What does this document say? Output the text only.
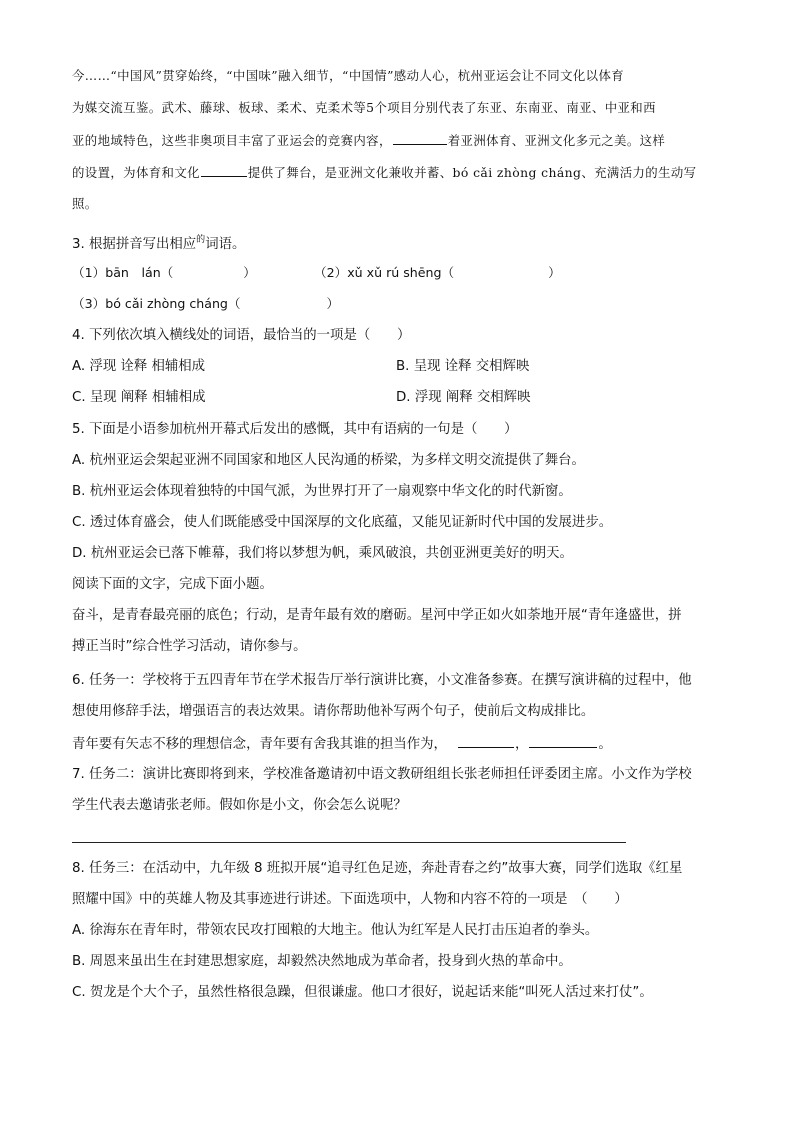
今……“中国风”贯穿始终，“中国味”融入细节，“中国情”感动人心，杭州亚运会让不同文化以体育
为媒交流互鉴。武术、藤球、板球、柔术、克柔术等5个项目分别代表了东亚、东南亚、南亚、中亚和西
亚的地域特色，这些非奥项目丰富了亚运会的竞赛内容，	着亚洲体育、亚洲文化多元之美。这样
的设置，为体育和文化	提供了舞台，是亚洲文化兼收并蓄、bó cǎi zhòng cháng、充满活力的生动写
照。
3. 根据拼音写出相应$^的$词语。
（1）bān　lán（	）	（2）xǔ xǔ rú shēng（	）
（3）bó cǎi zhòng cháng（	）
4. 下列依次填入横线处的词语，最恰当的一项是（　　）
A. 浮现 诠释 相辅相成	B. 呈现 诠释 交相辉映
C. 呈现 阐释 相辅相成	D. 浮现 阐释 交相辉映
5. 下面是小语参加杭州开幕式后发出的感慨，其中有语病的一句是（　　）
A. 杭州亚运会架起亚洲不同国家和地区人民沟通的桥梁，为多样文明交流提供了舞台。
B. 杭州亚运会体现着独特的中国气派，为世界打开了一扇观察中华文化的时代新窗。
C. 透过体育盛会，使人们既能感受中国深厚的文化底蕴，又能见证新时代中国的发展进步。
D. 杭州亚运会已落下帷幕，我们将以梦想为帆，乘风破浪，共创亚洲更美好的明天。
阅读下面的文字，完成下面小题。
奋斗，是青春最亮丽的底色；行动，是青年最有效的磨砺。星河中学正如火如荼地开展“青年逢盛世，拼
搏正当时”综合性学习活动，请你参与。
6. 任务一：学校将于五四青年节在学术报告厅举行演讲比赛，小文准备参赛。在撰写演讲稿的过程中，他
想使用修辞手法，增强语言的表达效果。请你帮助他补写两个句子，使前后文构成排比。
青年要有矢志不移的理想信念，青年要有舍我其谁的担当作为，	，	。
7. 任务二：演讲比赛即将到来，学校准备邀请初中语文教研组组长张老师担任评委团主席。小文作为学校
学生代表去邀请张老师。假如你是小文，你会怎么说呢？
8. 任务三：在活动中，九年级 8 班拟开展“追寻红色足迹，奔赴青春之约”故事大赛，同学们选取《红星
照耀中国》中的英雄人物及其事迹进行讲述。下面选项中，人物和内容不符的一项是　（　　）
A. 徐海东在青年时，带领农民攻打囤粮的大地主。他认为红军是人民打击压迫者的拳头。
B. 周恩来虽出生在封建思想家庭，却毅然决然地成为革命者，投身到火热的革命中。
C. 贺龙是个大个子，虽然性格很急躁，但很谦虚。他口才很好，说起话来能“叫死人活过来打仗”。
